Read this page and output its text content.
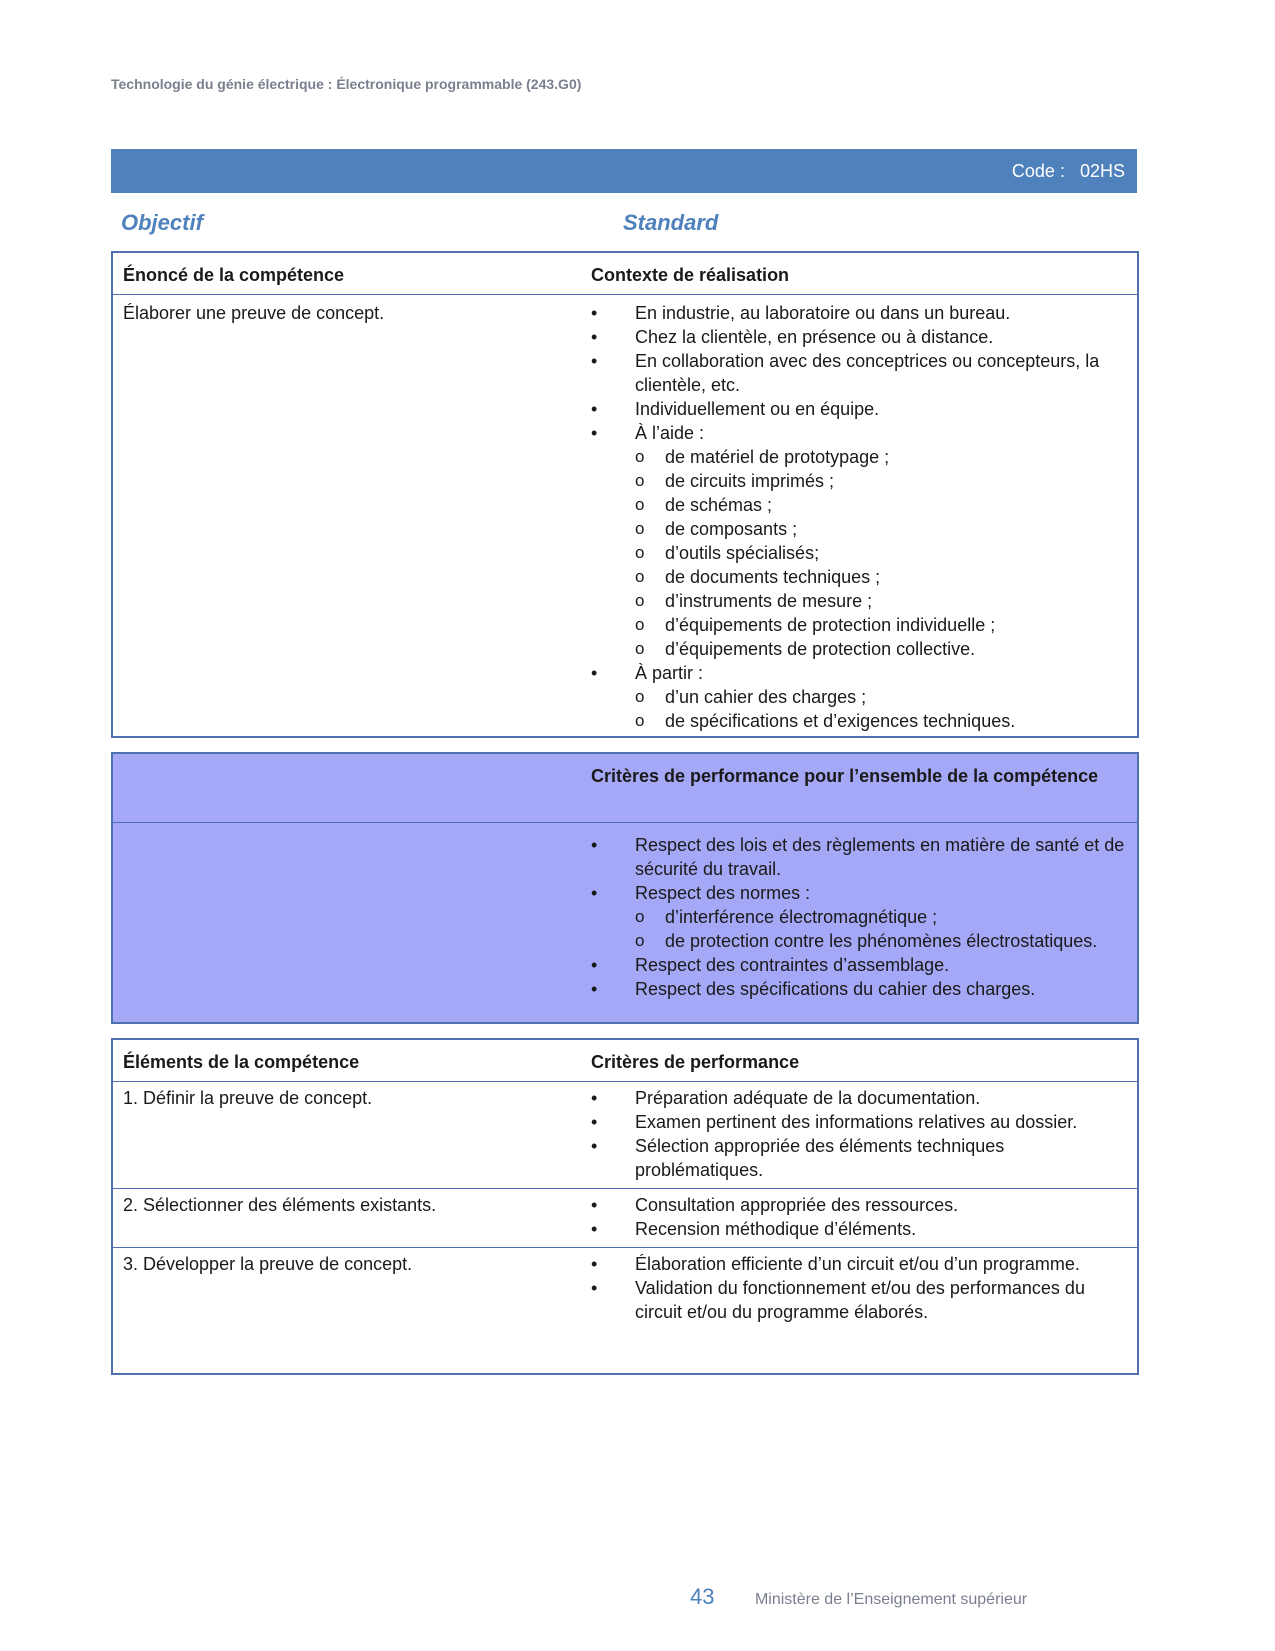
Technologie du génie électrique : Électronique programmable (243.G0)
Code : 02HS
Objectif	Standard
Énoncé de la compétence	Contexte de réalisation
Élaborer une preuve de concept.	• En industrie, au laboratoire ou dans un bureau.
• Chez la clientèle, en présence ou à distance.
• En collaboration avec des conceptrices ou concepteurs, la clientèle, etc.
• Individuellement ou en équipe.
• À l’aide :
o de matériel de prototypage ;
o de circuits imprimés ;
o de schémas ;
o de composants ;
o d’outils spécialisés;
o de documents techniques ;
o d’instruments de mesure ;
o d’équipements de protection individuelle ;
o d’équipements de protection collective.
• À partir :
o d’un cahier des charges ;
o de spécifications et d’exigences techniques.
Critères de performance pour l’ensemble de la compétence
• Respect des lois et des règlements en matière de santé et de sécurité du travail.
• Respect des normes :
o d’interférence électromagnétique ;
o de protection contre les phénomènes électrostatiques.
• Respect des contraintes d’assemblage.
• Respect des spécifications du cahier des charges.
Éléments de la compétence	Critères de performance
1. Définir la preuve de concept.	• Préparation adéquate de la documentation.
• Examen pertinent des informations relatives au dossier.
• Sélection appropriée des éléments techniques problématiques.
2. Sélectionner des éléments existants.	• Consultation appropriée des ressources.
• Recension méthodique d’éléments.
3. Développer la preuve de concept.	• Élaboration efficiente d’un circuit et/ou d’un programme.
• Validation du fonctionnement et/ou des performances du circuit et/ou du programme élaborés.
43	Ministère de l’Enseignement supérieur
